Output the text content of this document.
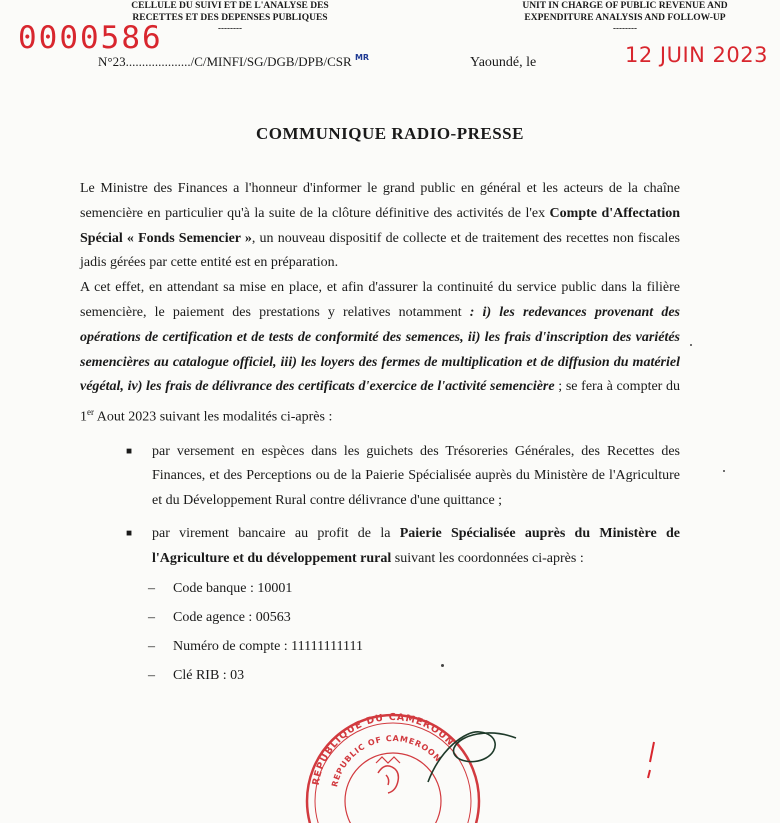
CELLULE DU SUIVI ET DE L'ANALYSE DES
RECETTES ET DES DEPENSES PUBLIQUES
--------
UNIT IN CHARGE OF PUBLIC REVENUE AND
EXPENDITURE ANALYSIS AND FOLLOW-UP
--------
0000586
N°23..................../C/MINFI/SG/DGB/DPB/CSR $^{MR}$	Yaoundé, le	12 JUIN 2023
COMMUNIQUE RADIO-PRESSE

Le Ministre des Finances a l'honneur d'informer le grand public en général et les acteurs de la chaîne semencière en particulier qu'à la suite de la clôture définitive des activités de l'ex Compte d'Affectation Spécial « Fonds Semencier », un nouveau dispositif de collecte et de traitement des recettes non fiscales jadis gérées par cette entité est en préparation.

A cet effet, en attendant sa mise en place, et afin d'assurer la continuité du service public dans la filière semencière, le paiement des prestations y relatives notamment : i) les redevances provenant des opérations de certification et de tests de conformité des semences, ii) les frais d'inscription des variétés semencières au catalogue officiel, iii) les loyers des fermes de multiplication et de diffusion du matériel végétal, iv) les frais de délivrance des certificats d'exercice de l'activité semencière ; se fera à compter du 1er Aout 2023 suivant les modalités ci-après :

■ par versement en espèces dans les guichets des Trésoreries Générales, des Recettes des Finances, et des Perceptions ou de la Paierie Spécialisée auprès du Ministère de l'Agriculture et du Développement Rural contre délivrance d'une quittance ;
■ par virement bancaire au profit de la Paierie Spécialisée auprès du Ministère de l'Agriculture et du développement rural suivant les coordonnées ci-après :
– Code banque : 10001
– Code agence : 00563
– Numéro de compte : 11111111111
– Clé RIB : 03
REPUBLIQUE DU CAMEROUN
REPUBLIC OF CAMEROON
